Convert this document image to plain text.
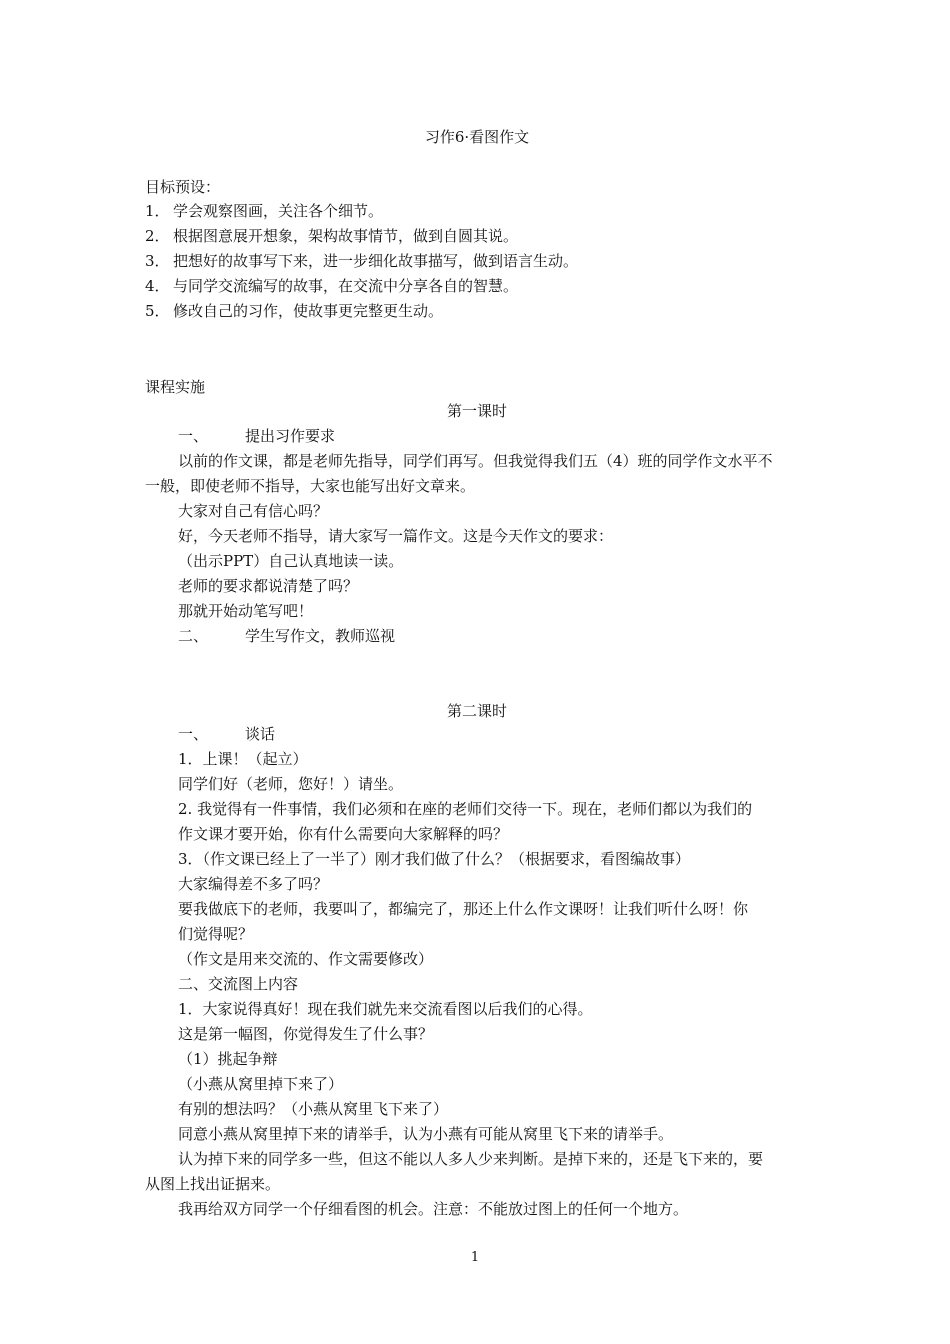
习作6·看图作文
目标预设：
1． 学会观察图画，关注各个细节。
2． 根据图意展开想象，架构故事情节，做到自圆其说。
3． 把想好的故事写下来，进一步细化故事描写，做到语言生动。
4． 与同学交流编写的故事，在交流中分享各自的智慧。
5． 修改自己的习作，使故事更完整更生动。
课程实施
第一课时
一、 提出习作要求
以前的作文课，都是老师先指导，同学们再写。但我觉得我们五（4）班的同学作文水平不
一般，即使老师不指导，大家也能写出好文章来。
大家对自己有信心吗？
好，今天老师不指导，请大家写一篇作文。这是今天作文的要求：
（出示PPT）自己认真地读一读。
老师的要求都说清楚了吗？
那就开始动笔写吧！
二、 学生写作文，教师巡视
第二课时
一、 谈话
1．上课！（起立）
同学们好（老师，您好！）请坐。
2. 我觉得有一件事情，我们必须和在座的老师们交待一下。现在，老师们都以为我们的
作文课才要开始，你有什么需要向大家解释的吗？
3．（作文课已经上了一半了）刚才我们做了什么？（根据要求，看图编故事）
大家编得差不多了吗？
要我做底下的老师，我要叫了，都编完了，那还上什么作文课呀！让我们听什么呀！你
们觉得呢？
（作文是用来交流的、作文需要修改）
二、交流图上内容
1．大家说得真好！现在我们就先来交流看图以后我们的心得。
这是第一幅图，你觉得发生了什么事？
（1）挑起争辩
（小燕从窝里掉下来了）
有别的想法吗？（小燕从窝里飞下来了）
同意小燕从窝里掉下来的请举手，认为小燕有可能从窝里飞下来的请举手。
认为掉下来的同学多一些，但这不能以人多人少来判断。是掉下来的，还是飞下来的，要
从图上找出证据来。
我再给双方同学一个仔细看图的机会。注意：不能放过图上的任何一个地方。
1
